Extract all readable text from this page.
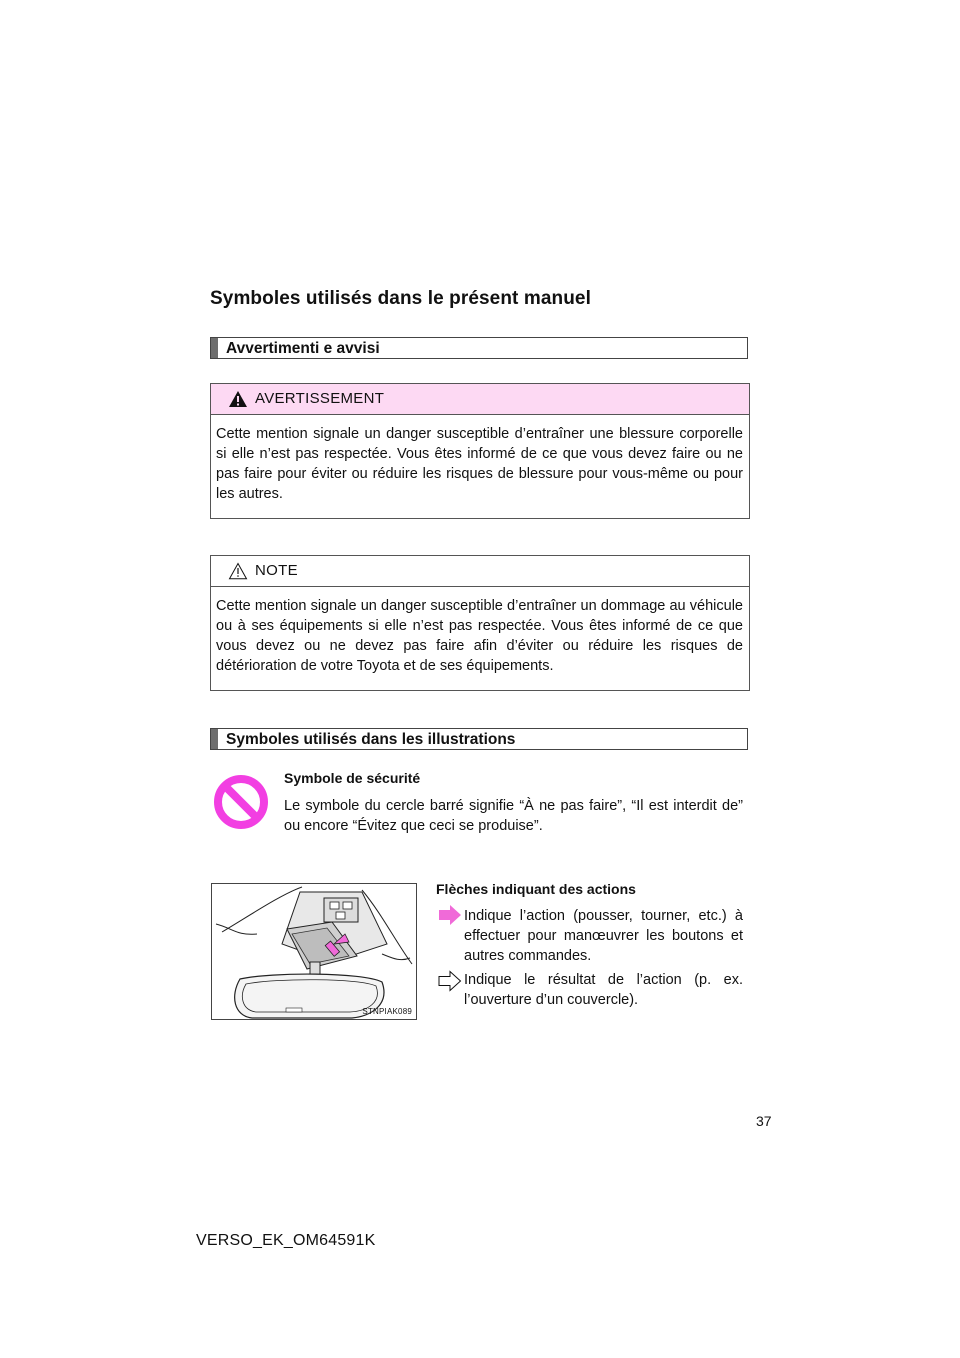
Symboles utilisés dans le présent manuel
Avvertimenti e avvisi
AVERTISSEMENT
Cette mention signale un danger susceptible d’entraîner une blessure corporelle si elle n’est pas respectée. Vous êtes informé de ce que vous devez faire ou ne pas faire pour éviter ou réduire les risques de blessure pour vous-même ou pour les autres.
NOTE
Cette mention signale un danger susceptible d’entraîner un dommage au véhicule ou à ses équipements si elle n’est pas respectée. Vous êtes informé de ce que vous devez ou ne devez pas faire afin d’éviter ou réduire les risques de détérioration de votre Toyota et de ses équipements.
Symboles utilisés dans les illustrations
Symbole de sécurité
Le symbole du cercle barré signifie “À ne pas faire”, “Il est interdit de” ou encore “Évitez que ceci se produise”.
STNPIAK089
Flèches indiquant des actions
Indique l’action (pousser, tourner, etc.) à effectuer pour manœuvrer les boutons et autres commandes.
Indique le résultat de l’action (p. ex. l’ouverture d’un couvercle).
37
VERSO_EK_OM64591K
